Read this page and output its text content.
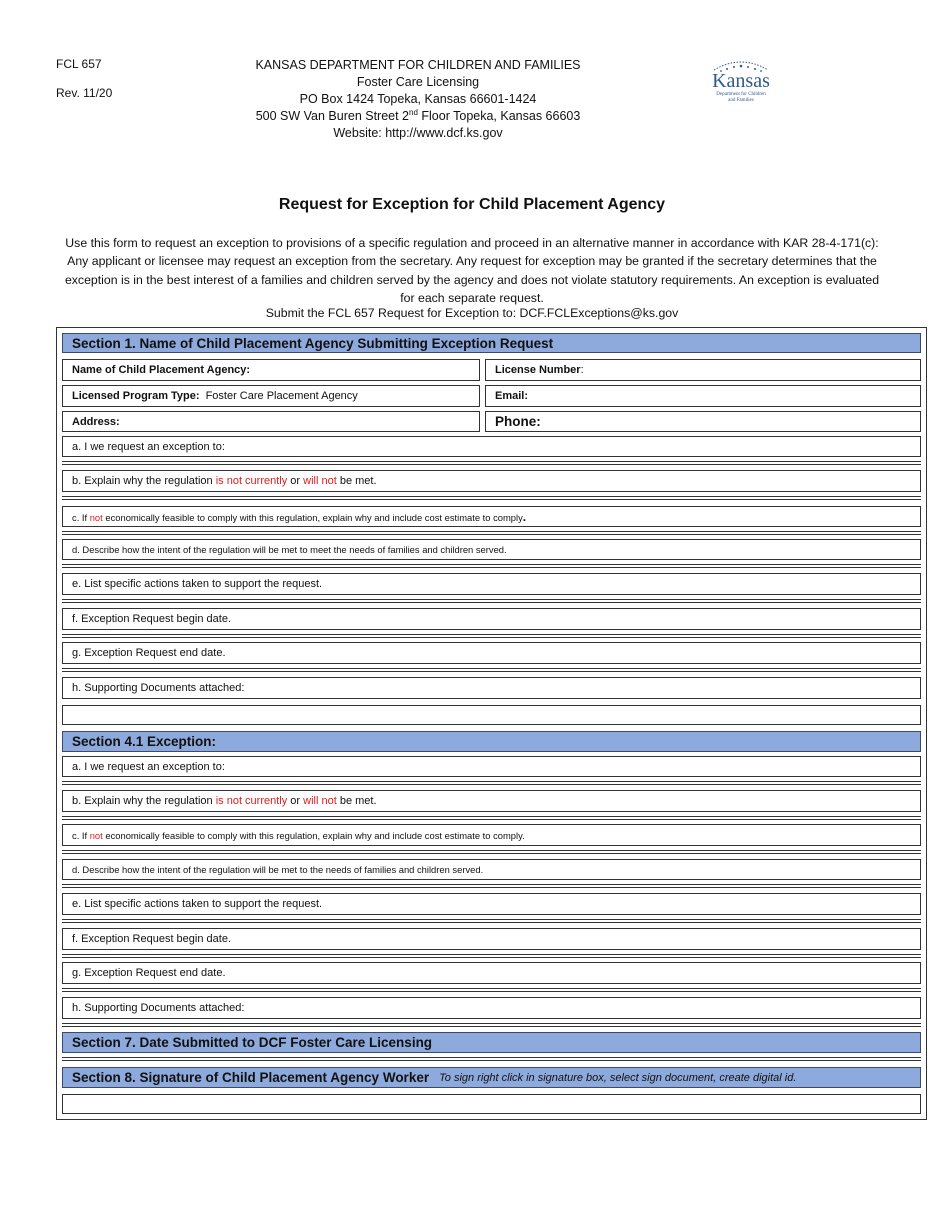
FCL 657
Rev. 11/20
KANSAS DEPARTMENT FOR CHILDREN AND FAMILIES
Foster Care Licensing
PO Box 1424 Topeka, Kansas 66601-1424
500 SW Van Buren Street 2nd Floor Topeka, Kansas 66603
Website: http://www.dcf.ks.gov
Kansas
Department for Children
and Families
Request for Exception for Child Placement Agency
Use this form to request an exception to provisions of a specific regulation and proceed in an alternative manner in accordance with KAR 28-4-171(c): Any applicant or licensee may request an exception from the secretary. Any request for exception may be granted if the secretary determines that the exception is in the best interest of a families and children served by the agency and does not violate statutory requirements. An exception is evaluated for each separate request.
Submit the FCL 657 Request for Exception to: DCF.FCLExceptions@ks.gov
Section 1. Name of Child Placement Agency Submitting Exception Request
Name of Child Placement Agency:	License Number :
Licensed Program Type: Foster Care Placement Agency	Email:
Address:	Phone:
a. I we request an exception to:
b. Explain why the regulation is not currently or will not be met.
c. If not economically feasible to comply with this regulation, explain why and include cost estimate to comply.
d. Describe how the intent of the regulation will be met to meet the needs of families and children served.
e. List specific actions taken to support the request.
f. Exception Request begin date.
g. Exception Request end date.
h. Supporting Documents attached:
Section 4.1 Exception:
a. I we request an exception to:
b. Explain why the regulation is not currently or will not be met.
c. If not economically feasible to comply with this regulation, explain why and include cost estimate to comply.
d. Describe how the intent of the regulation will be met to the needs of families and children served.
e. List specific actions taken to support the request.
f. Exception Request begin date.
g. Exception Request end date.
h. Supporting Documents attached:
Section 7. Date Submitted to DCF Foster Care Licensing
Section 8. Signature of Child Placement Agency Worker To sign right click in signature box, select sign document, create digital id.
